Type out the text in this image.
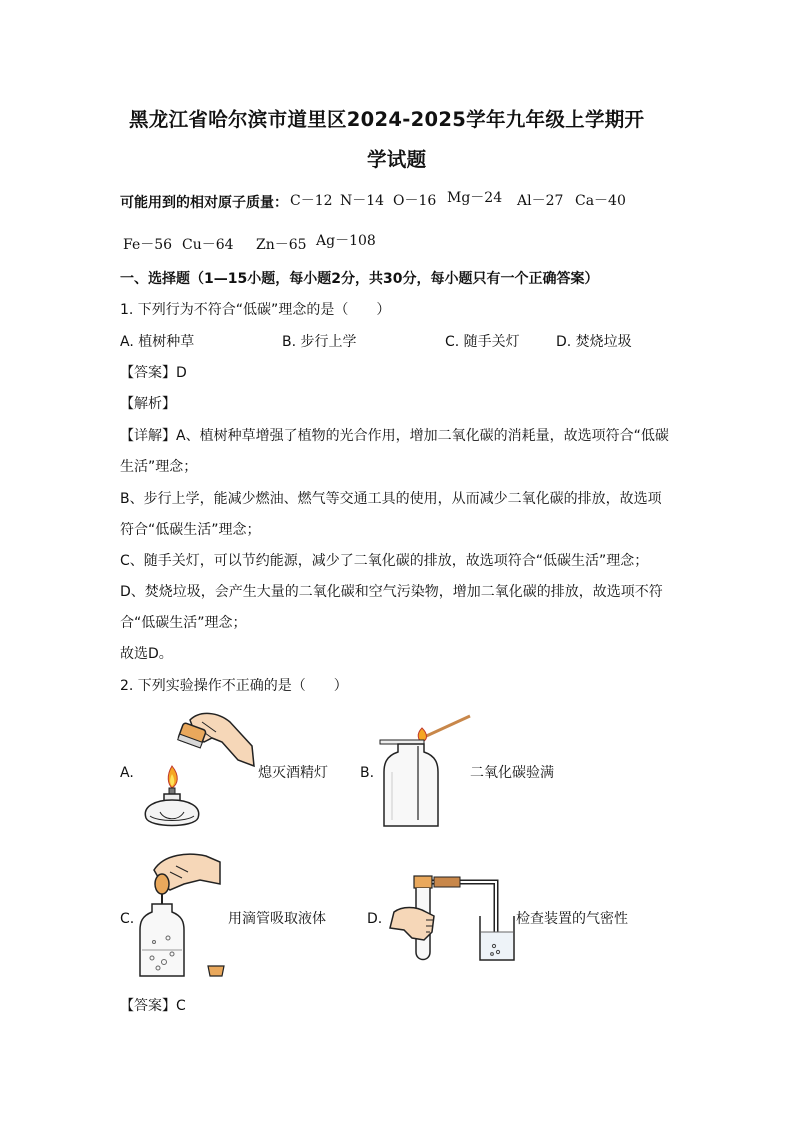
黑龙江省哈尔滨市道里区2024-2025学年九年级上学期开
学试题
可能用到的相对原子质量： C－12 N－14 O－16 Mg－24 Al－27 Ca－40
Fe－56 Cu－64 Zn－65 Ag－108
一、选择题（1—15小题，每小题2分，共30分，每小题只有一个正确答案）
1. 下列行为不符合“低碳”理念的是（　　）
A. 植树种草	B. 步行上学	C. 随手关灯	D. 焚烧垃圾
【答案】D
【解析】
【详解】A、植树种草增强了植物的光合作用，增加二氧化碳的消耗量，故选项符合“低碳
生活”理念；
B、步行上学，能减少燃油、燃气等交通工具的使用，从而减少二氧化碳的排放，故选项
符合“低碳生活”理念；
C、随手关灯，可以节约能源，减少了二氧化碳的排放，故选项符合“低碳生活”理念；
D、焚烧垃圾，会产生大量的二氧化碳和空气污染物，增加二氧化碳的排放，故选项不符
合“低碳生活”理念；
故选D。
2. 下列实验操作不正确的是（　　）
A.	熄灭酒精灯 B.	二氧化碳验满
C.	用滴管吸取液体	D.	检查装置的气密性
【答案】C
